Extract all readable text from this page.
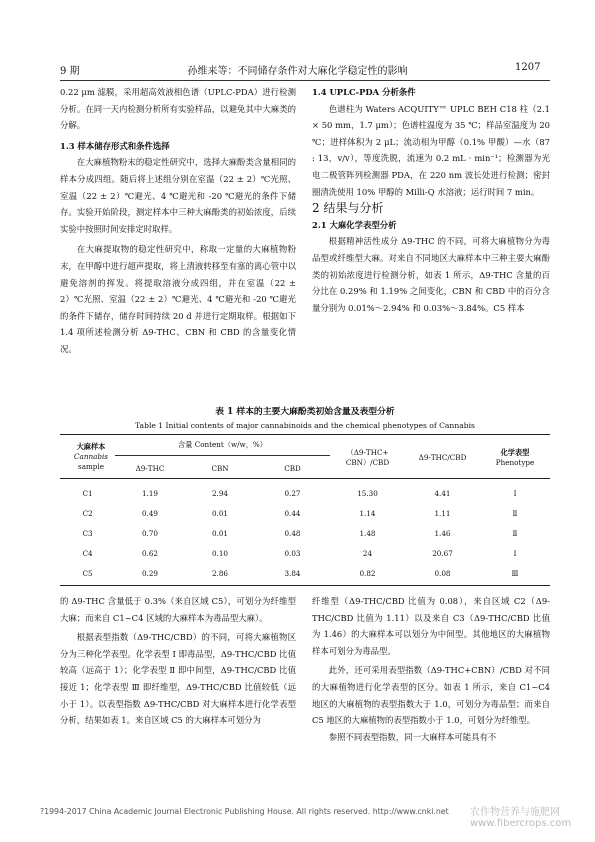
9 期	孙维来等：不同储存条件对大麻化学稳定性的影响	1207

0.22 μm 滤膜，采用超高效液相色谱（UPLC-PDA）进行检测分析。在同一天内检测分析所有实验样品，以避免其中大麻类的分解。

1.3 样本储存形式和条件选择

在大麻植物粉末的稳定性研究中，选择大麻酚类含量相同的样本分成四组。随后将上述组分别在室温（22 ± 2）℃光照、室温（22 ± 2）℃避光、4 ℃避光和 -20 ℃避光的条件下储存。实验开始阶段，测定样本中三种大麻酚类的初始浓度，后续实验中按照时间安排定时取样。

在大麻提取物的稳定性研究中，称取一定量的大麻植物粉末，在甲醇中进行超声提取，将上清液转移至有塞的离心管中以避免溶剂的挥发。将提取溶液分成四组，并在室温（22 ± 2）℃光照、室温（22 ± 2）℃避光、4 ℃避光和 -20 ℃避光的条件下储存，储存时间持续 20 d 并进行定期取样。根据如下 1.4 项所述检测分析 Δ9-THC、CBN 和 CBD 的含量变化情况。

1.4 UPLC-PDA 分析条件

色谱柱为 Waters ACQUITY™ UPLC BEH C18 柱（2.1 × 50 mm，1.7 μm）；色谱柱温度为 35 ℃；样品室温度为 20 ℃；进样体积为 2 μL；流动相为甲醇（0.1% 甲酸）—水（87 : 13，v/v），等度洗脱，流速为 0.2 mL · min⁻¹；检测器为光电二极管阵列检测器 PDA，在 220 nm 波长处进行检测；密封圈清洗使用 10% 甲醇的 Milli-Q 水溶液；运行时间 7 min。

2 结果与分析

2.1 大麻化学表型分析

根据精神活性成分 Δ9-THC 的不同，可将大麻植物分为毒品型或纤维型大麻。对来自不同地区大麻样本中三种主要大麻酚类的初始浓度进行检测分析，如表 1 所示，Δ9-THC 含量的百分比在 0.29% 和 1.19% 之间变化，CBN 和 CBD 中的百分含量分别为 0.01%～2.94% 和 0.03%～3.84%。C5 样本

表 1 样本的主要大麻酚类初始含量及表型分析
Table 1 Initial contents of major cannabinoids and the chemical phenotypes of Cannabis
大麻样本
Cannabis
sample
含量 Content（w/w，%）
Δ9-THC	CBN	CBD
（Δ9-THC+
CBN）/CBD
Δ9-THC/CBD
化学表型
Phenotype
C1	1.19	2.94	0.27	15.30	4.41	Ⅰ
C2	0.49	0.01	0.44	1.14	1.11	Ⅱ
C3	0.70	0.01	0.48	1.48	1.46	Ⅱ
C4	0.62	0.10	0.03	24	20.67	Ⅰ
C5	0.29	2.86	3.84	0.82	0.08	Ⅲ

的 Δ9-THC 含量低于 0.3%（来自区域 C5），可划分为纤维型大麻；而来自 C1~C4 区域的大麻样本为毒品型大麻）。

根据表型指数（Δ9-THC/CBD）的不同，可将大麻植物区分为三种化学表型。化学表型 Ⅰ 即毒品型，Δ9-THC/CBD 比值较高（远高于 1）；化学表型 Ⅱ 即中间型，Δ9-THC/CBD 比值接近 1；化学表型 Ⅲ 即纤维型，Δ9-THC/CBD 比值较低（远小于 1）。以表型指数 Δ9-THC/CBD 对大麻样本进行化学表型分析，结果如表 1。来自区域 C5 的大麻样本可划分为

纤维型（Δ9-THC/CBD 比值为 0.08），来自区域 C2（Δ9-THC/CBD 比值为 1.11）以及来自 C3（Δ9-THC/CBD 比值为 1.46）的大麻样本可以划分为中间型。其他地区的大麻植物样本可划分为毒品型。

此外，还可采用表型指数（Δ9-THC+CBN）/CBD 对不同的大麻植物进行化学表型的区分。如表 1 所示，来自 C1~C4 地区的大麻植物的表型指数大于 1.0，可划分为毒品型；而来自 C5 地区的大麻植物的表型指数小于 1.0，可划分为纤维型。

参照不同表型指数，同一大麻样本可能具有不

?1994-2017 China Academic Journal Electronic Publishing House. All rights reserved. http://www.cnki.net 农作物营养与施肥网 www.fibercrops.com
